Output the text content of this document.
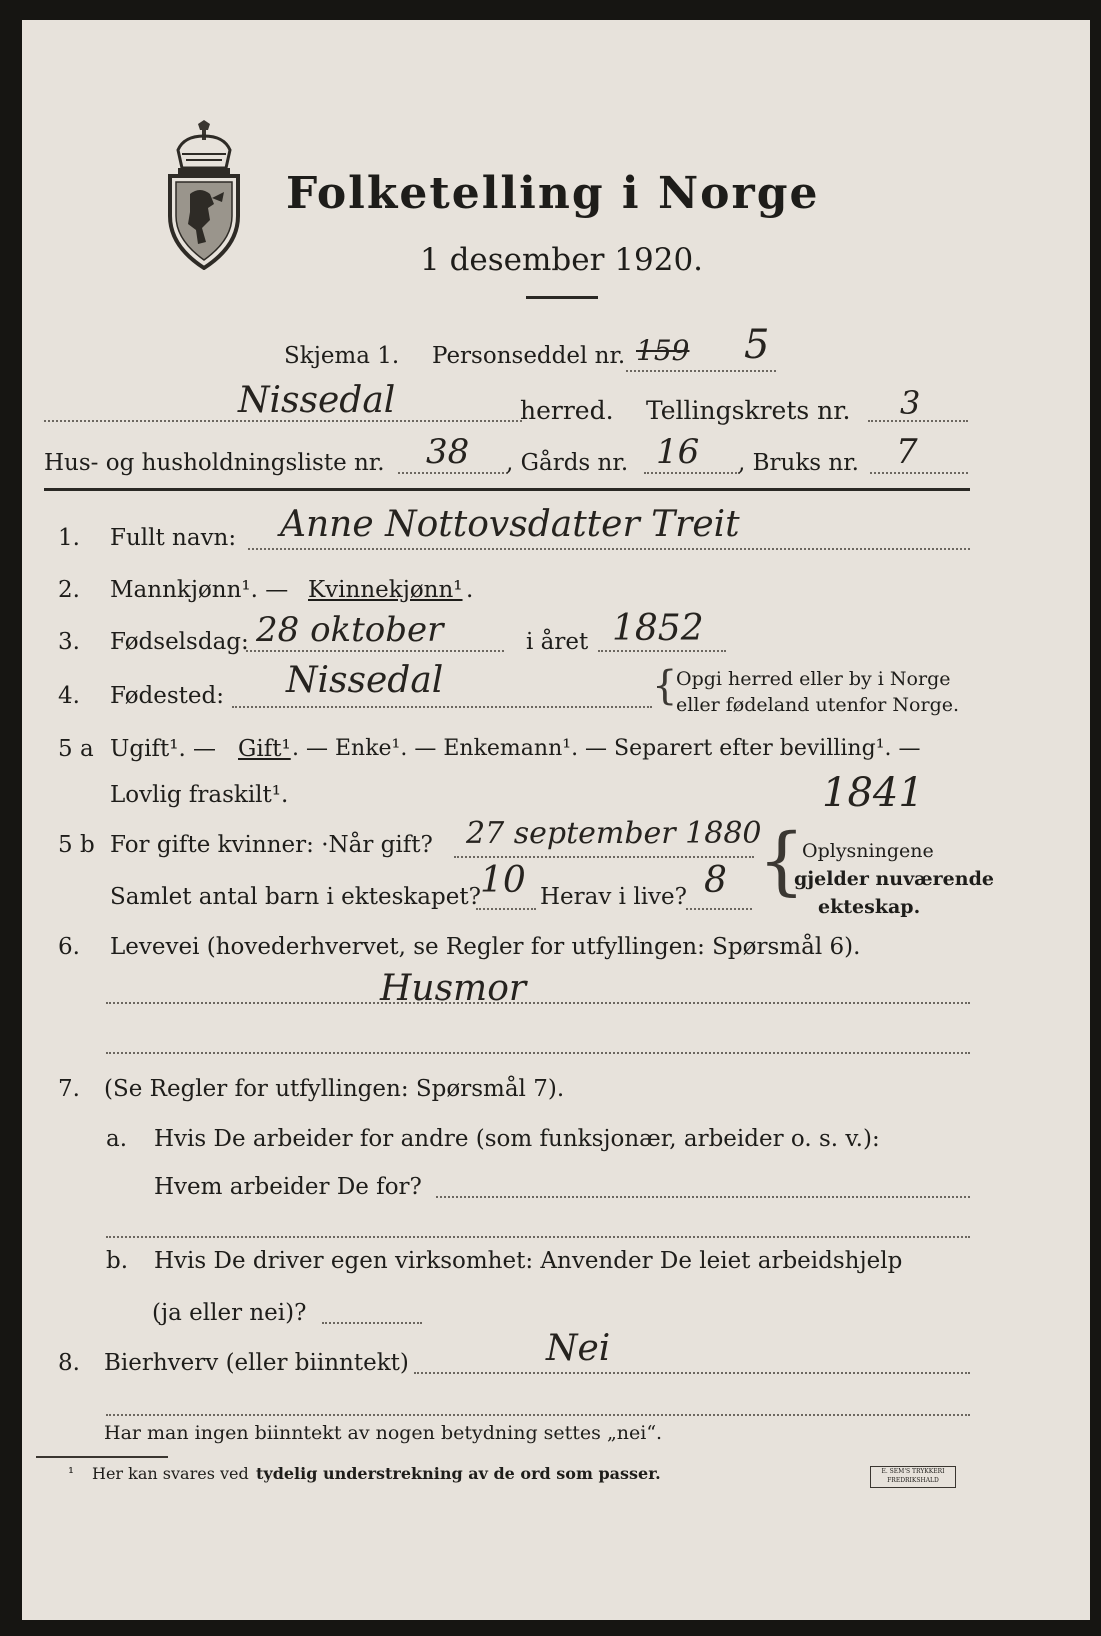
Folketelling i Norge
1 desember 1920.
Skjema 1. Personseddel nr. 159 5
Nissedal	herred. Tellingskrets nr. 3
Hus- og husholdningsliste nr. 38 , Gårds nr. 16 , Bruks nr. 7
1. Fullt navn: Anne Nottovsdatter Treit
2. Mannkjønn¹. — Kvinnekjønn¹ .
3. Fødselsdag: 28 oktober	i året 1852
4. Fødested: Nissedal	{
Opgi herred eller by i Norge
eller fødeland utenfor Norge.
5 a Ugift¹. — Gift¹ . — Enke¹. — Enkemann¹. — Separert efter bevilling¹. —
Lovlig fraskilt¹.
5 b For gifte kvinner: ·Når gift? 27 september 1880
1841
Samlet antal barn i ekteskapet? 10 Herav i live? 8 {
Oplysningene
gjelder nuværende
ekteskap.
6. Levevei (hovederhvervet, se Regler for utfyllingen: Spørsmål 6).
Husmor
7. (Se Regler for utfyllingen: Spørsmål 7).
a. Hvis De arbeider for andre (som funksjonær, arbeider o. s. v.):
Hvem arbeider De for?
b. Hvis De driver egen virksomhet: Anvender De leiet arbeidshjelp
(ja eller nei)?
8. Bierhverv (eller biinntekt)	Nei
Har man ingen biinntekt av nogen betydning settes „nei“.
¹ Her kan svares ved tydelig understrekning av de ord som passer.	E. SEM'S TRYKKERI
FREDRIKSHALD
